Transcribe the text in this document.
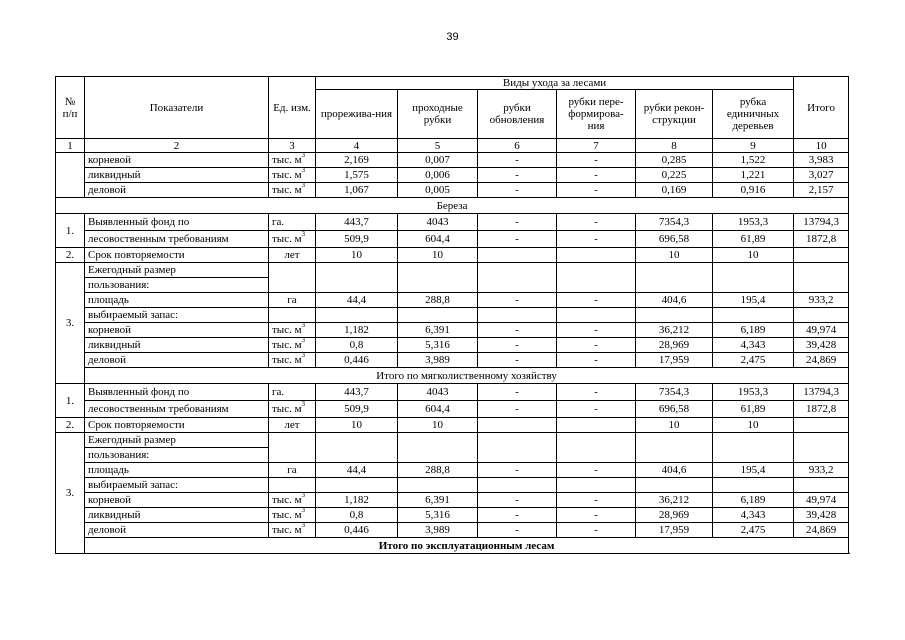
39
№ п/п	Показатели	Ед. изм.	Виды ухода за лесами						Итого
			прорежива-ния	проходные рубки	рубки обновления	рубки пере-формирова-ния	рубки рекон-струкции	рубка единичных деревьев	
1	2	3	4	5	6	7	8	9	10
	корневой	тыс. $м^3$	2,169	0,007	-	-	0,285	1,522	3,983
	ликвидный	тыс. $м^3$	1,575	0,006	-	-	0,225	1,221	3,027
	деловой	тыс. $м^3$	1,067	0,005	-	-	0,169	0,916	2,157
Береза									
1.	Выявленный фонд по	га.	443,7	4043	-	-	7354,3	1953,3	13794,3
	лесовоственным требованиям	тыс. $м^3$	509,9	604,4	-	-	696,58	61,89	1872,8
2.	Срок повторяемости	лет	10	10			10	10	
3.	Ежегодный размер								
	пользования:								
	площадь	га	44,4	288,8	-	-	404,6	195,4	933,2
	выбираемый запас:								
	корневой	тыс. $м^3$	1,182	6,391	-	-	36,212	6,189	49,974
	ликвидный	тыс. $м^3$	0,8	5,316	-	-	28,969	4,343	39,428
	деловой	тыс. $м^3$	0,446	3,989	-	-	17,959	2,475	24,869
	Итого по мягколиственному хозяйству								
1.	Выявленный фонд по	га.	443,7	4043	-	-	7354,3	1953,3	13794,3
	лесовоственным требованиям	тыс. $м^3$	509,9	604,4	-	-	696,58	61,89	1872,8
2.	Срок повторяемости	лет	10	10			10	10	
3.	Ежегодный размер								
	пользования:								
	площадь	га	44,4	288,8	-	-	404,6	195,4	933,2
	выбираемый запас:								
	корневой	тыс. $м^3$	1,182	6,391	-	-	36,212	6,189	49,974
	ликвидный	тыс. $м^3$	0,8	5,316	-	-	28,969	4,343	39,428
	деловой	тыс. $м^3$	0,446	3,989	-	-	17,959	2,475	24,869
	Итого по эксплуатационным лесам								
